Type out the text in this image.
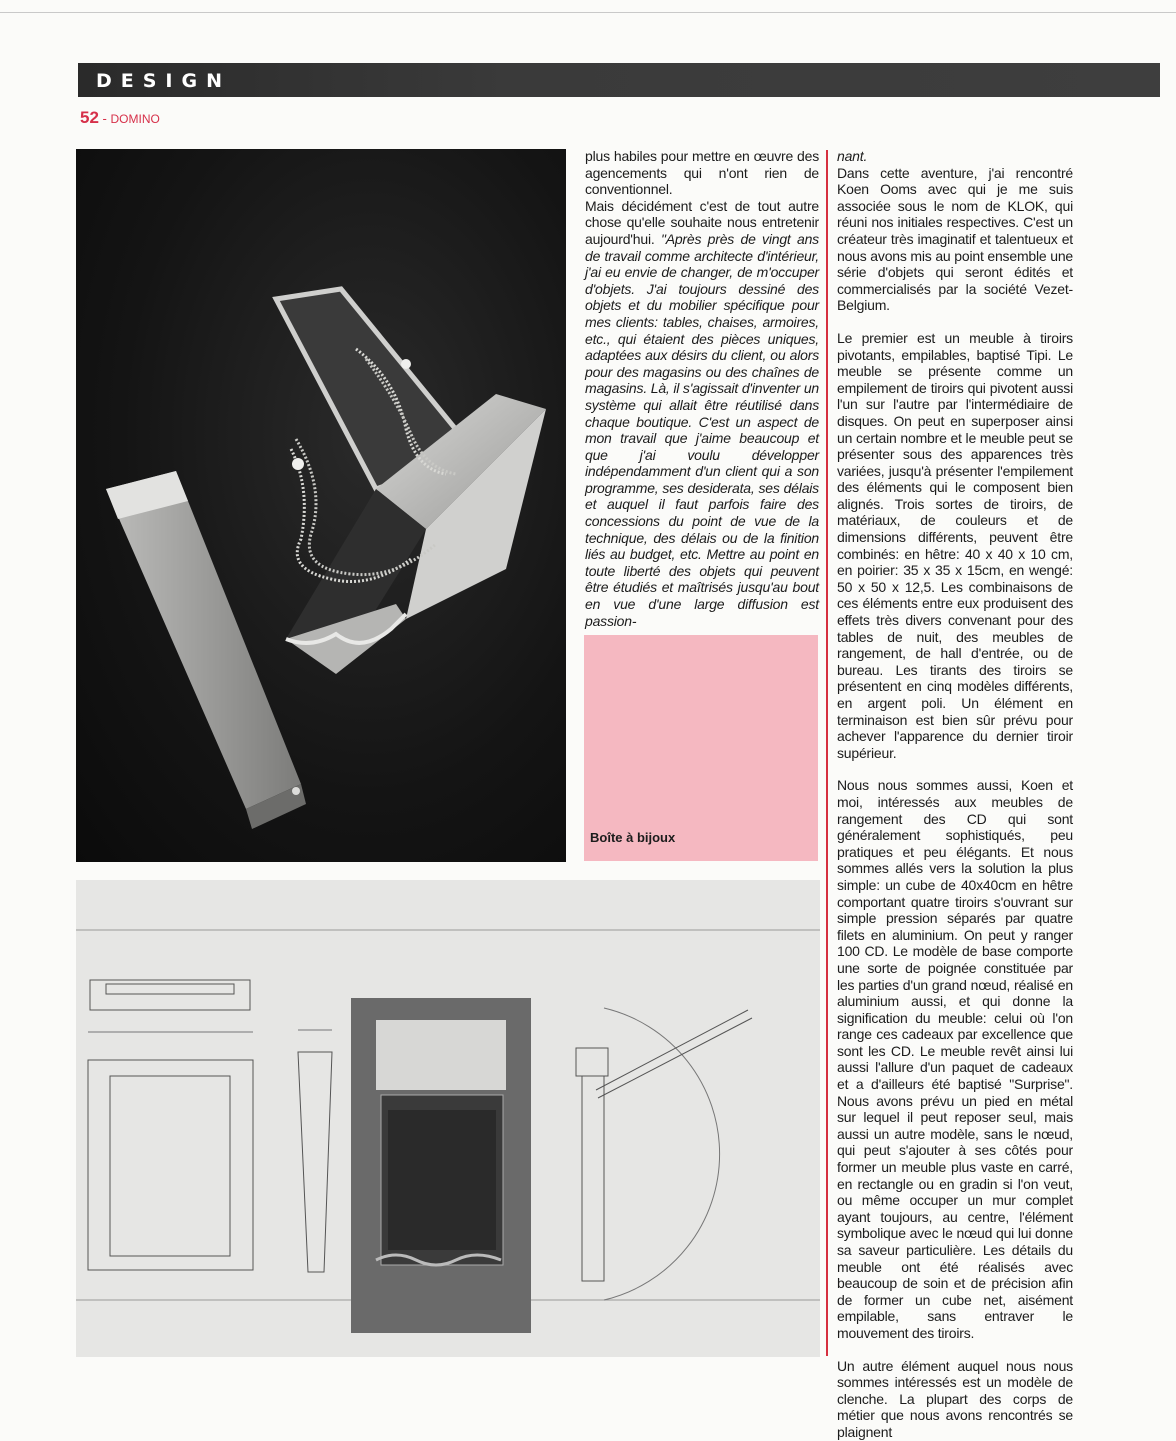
DESIGN
52 - DOMINO
Boîte à bijoux

plus habiles pour mettre en œuvre des agencements qui n'ont rien de conventionnel.

Mais décidément c'est de tout autre chose qu'elle souhaite nous entretenir aujourd'hui. "Après près de vingt ans de travail comme architecte d'intérieur, j'ai eu envie de changer, de m'occuper d'objets. J'ai toujours dessiné des objets et du mobilier spécifique pour mes clients: tables, chaises, armoires, etc., qui étaient des pièces uniques, adaptées aux désirs du client, ou alors pour des magasins ou des chaînes de magasins. Là, il s'agissait d'inventer un système qui allait être réutilisé dans chaque boutique. C'est un aspect de mon travail que j'aime beaucoup et que j'ai voulu développer indépendamment d'un client qui a son programme, ses desiderata, ses délais et auquel il faut parfois faire des concessions du point de vue de la technique, des délais ou de la finition liés au budget, etc. Mettre au point en toute liberté des objets qui peuvent être étudiés et maîtrisés jusqu'au bout en vue d'une large diffusion est passion-

nant.

Dans cette aventure, j'ai rencontré Koen Ooms avec qui je me suis associée sous le nom de KLOK, qui réuni nos initiales respectives. C'est un créateur très imaginatif et talentueux et nous avons mis au point ensemble une série d'objets qui seront édités et commercialisés par la société Vezet-Belgium.

Le premier est un meuble à tiroirs pivotants, empilables, baptisé Tipi. Le meuble se présente comme un empilement de tiroirs qui pivotent aussi l'un sur l'autre par l'intermédiaire de disques. On peut en superposer ainsi un certain nombre et le meuble peut se présenter sous des apparences très variées, jusqu'à présenter l'empilement des éléments qui le composent bien alignés. Trois sortes de tiroirs, de matériaux, de couleurs et de dimensions différents, peuvent être combinés: en hêtre: 40 x 40 x 10 cm, en poirier: 35 x 35 x 15cm, en wengé: 50 x 50 x 12,5. Les combinaisons de ces éléments entre eux produisent des effets très divers convenant pour des tables de nuit, des meubles de rangement, de hall d'entrée, ou de bureau. Les tirants des tiroirs se présentent en cinq modèles différents, en argent poli. Un élément en terminaison est bien sûr prévu pour achever l'apparence du dernier tiroir supérieur.

Nous nous sommes aussi, Koen et moi, intéressés aux meubles de rangement des CD qui sont généralement sophistiqués, peu pratiques et peu élégants. Et nous sommes allés vers la solution la plus simple: un cube de 40x40cm en hêtre comportant quatre tiroirs s'ouvrant sur simple pression séparés par quatre filets en aluminium. On peut y ranger 100 CD. Le modèle de base comporte une sorte de poignée constituée par les parties d'un grand nœud, réalisé en aluminium aussi, et qui donne la signification du meuble: celui où l'on range ces cadeaux par excellence que sont les CD. Le meuble revêt ainsi lui aussi l'allure d'un paquet de cadeaux et a d'ailleurs été baptisé "Surprise". Nous avons prévu un pied en métal sur lequel il peut reposer seul, mais aussi un autre modèle, sans le nœud, qui peut s'ajouter à ses côtés pour former un meuble plus vaste en carré, en rectangle ou en gradin si l'on veut, ou même occuper un mur complet ayant toujours, au centre, l'élément symbolique avec le nœud qui lui donne sa saveur particulière. Les détails du meuble ont été réalisés avec beaucoup de soin et de précision afin de former un cube net, aisément empilable, sans entraver le mouvement des tiroirs.

Un autre élément auquel nous nous sommes intéressés est un modèle de clenche. La plupart des corps de métier que nous avons rencontrés se plaignent
